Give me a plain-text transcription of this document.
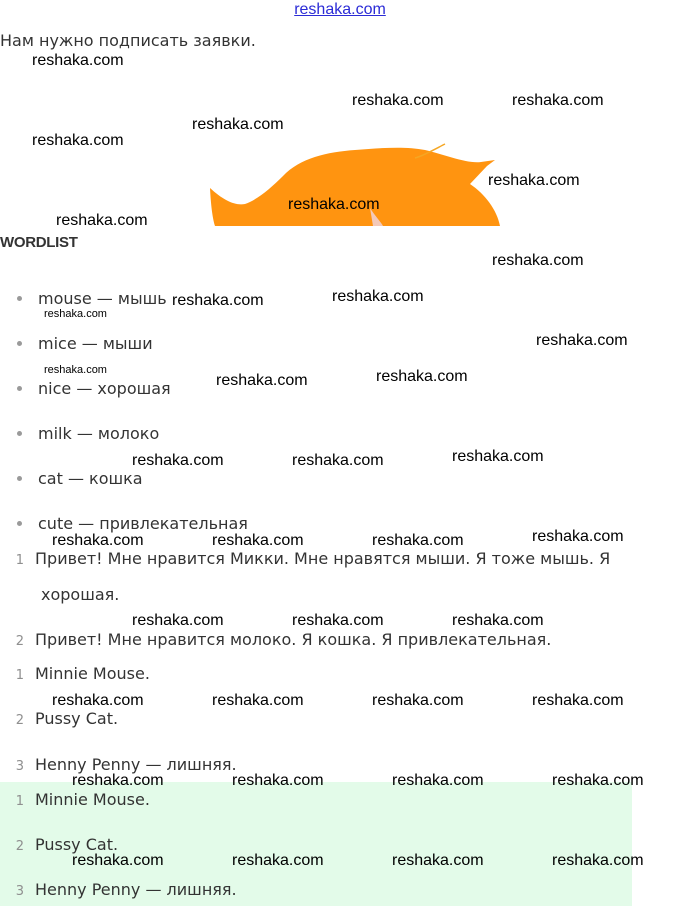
reshaka.com
Нам нужно подписать заявки.
WORDLIST
mouse — мышь
mice — мыши
nice — хорошая
milk — молоко
cat — кошка
cute — привлекательная
1 Привет! Мне нравится Микки. Мне нравятся мыши. Я тоже мышь. Я
хорошая.
2 Привет! Мне нравится молоко. Я кошка. Я привлекательная.
1 Minnie Mouse.
2 Pussy Cat.
3 Henny Penny — лишняя.
1 Minnie Mouse.
2 Pussy Cat.
3 Henny Penny — лишняя.
reshaka.com
reshaka.com	reshaka.com
reshaka.com
reshaka.com
reshaka.com
reshaka.com
reshaka.com
reshaka.com
reshaka.com	reshaka.com
reshaka.com
reshaka.com
reshaka.com
reshaka.com	reshaka.com
reshaka.com	reshaka.com	reshaka.com
reshaka.com	reshaka.com	reshaka.com	reshaka.com
reshaka.com	reshaka.com	reshaka.com
reshaka.com	reshaka.com	reshaka.com	reshaka.com
reshaka.com	reshaka.com	reshaka.com	reshaka.com
reshaka.com	reshaka.com	reshaka.com	reshaka.com
